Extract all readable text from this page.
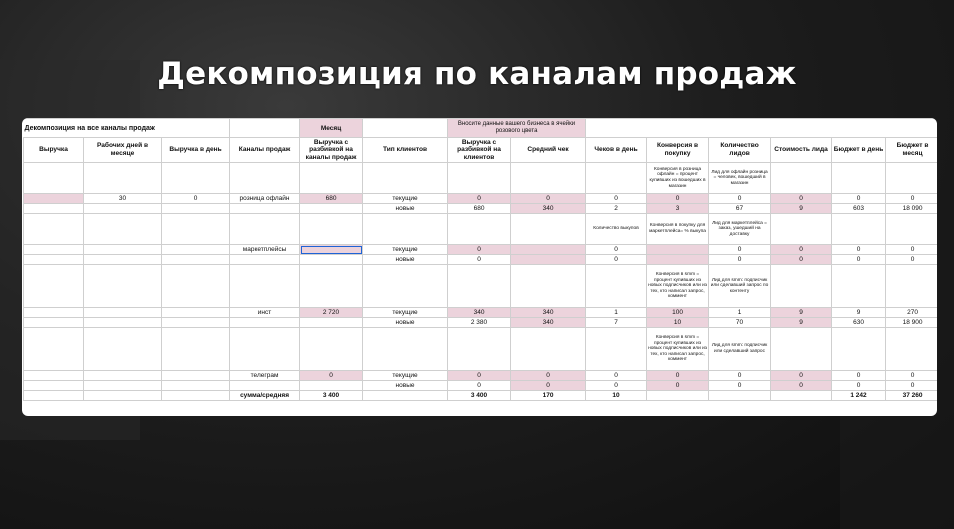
Декомпозиция по каналам продаж
Декомпозиция на все каналы продаж				Месяц		Вносите данные вашего бизнеса в ячейки розового цвета							
Выручка	Рабочих дней в месяце	Выручка в день	Каналы продаж	Выручка с разбивкой на каналы продаж	Тип клиентов	Выручка с разбивкой на клиентов	Средний чек	Чеков в день	Конверсия в покупку	Количество лидов	Стоимость лида	Бюджет в день	Бюджет в месяц
									Конверсия в розница офлайн = процент купивших из вошедших в магазин	Лид для офлайн розница = человек, вошедший в магазин			
	30	0	розница офлайн	680	текущие	0	0	0	0	0	0	0	0
					новые	680	340	2	3	67	9	603	18 090
								Количество выкупов	Конверсия в покупку для маркетплейса= % выкупа	Лид для маркетплейса = заказ, ушедший на доставку			
			маркетплейсы		текущие	0		0		0	0	0	0
					новые	0		0		0	0	0	0
									Конверсия в smm = процент купивших из новых подписчиков или из тех, кто написал запрос, коммент	Лид для smm: подписчик или сделавший запрос по контенту			
			инст	2 720	текущие	340	340	1	100	1	9	9	270
					новые	2 380	340	7	10	70	9	630	18 900
									Конверсия в smm = процент купивших из новых подписчиков или из тех, кто написал запрос, коммент	Лид для smm: подписчик или сделавший запрос			
			телеграм	0	текущие	0	0	0	0	0	0	0	0
					новые	0	0	0	0	0	0	0	0
			сумма/средняя	3 400		3 400	170	10				1 242	37 260
